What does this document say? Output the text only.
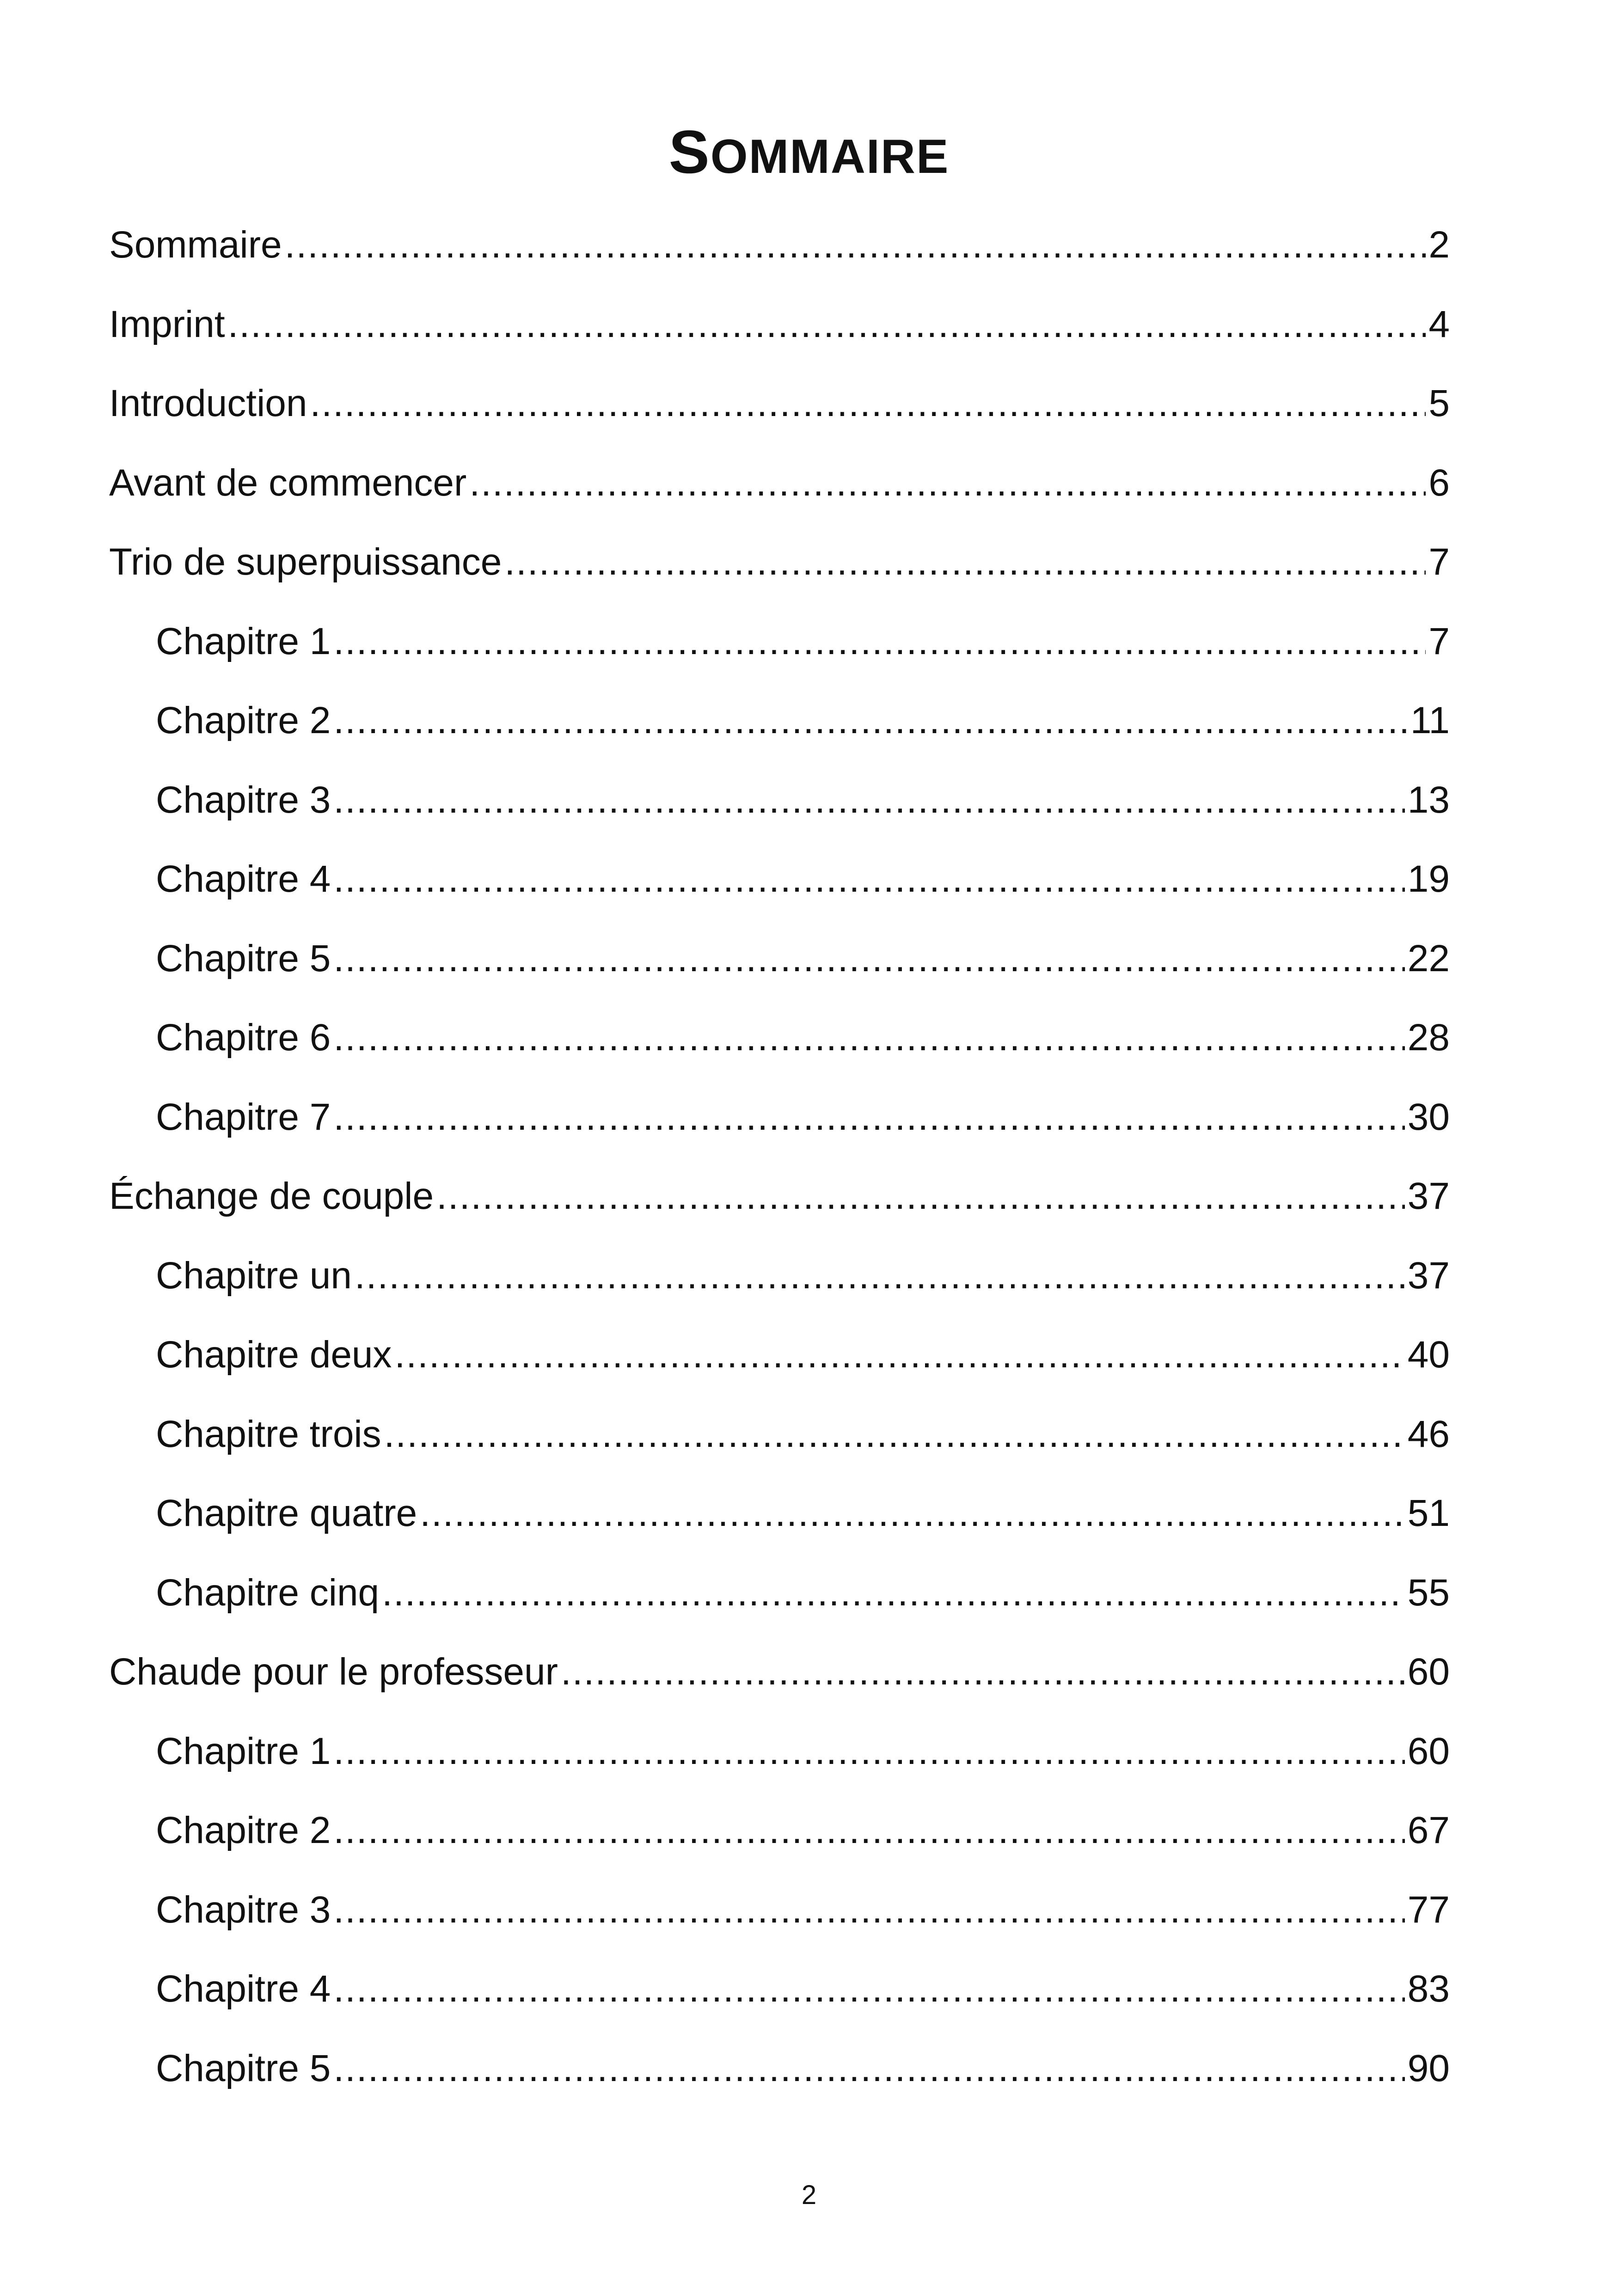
SOMMAIRE
Sommaire .....	2
Imprint .....	4
Introduction .....	5
Avant de commencer .....	6
Trio de superpuissance .....	7
Chapitre 1 .....	7
Chapitre 2 .....	11
Chapitre 3 .....	13
Chapitre 4 .....	19
Chapitre 5 .....	22
Chapitre 6 .....	28
Chapitre 7 .....	30
Échange de couple .....	37
Chapitre un .....	37
Chapitre deux .....	40
Chapitre trois .....	46
Chapitre quatre .....	51
Chapitre cinq .....	55
Chaude pour le professeur .....	60
Chapitre 1 .....	60
Chapitre 2 .....	67
Chapitre 3 .....	77
Chapitre 4 .....	83
Chapitre 5 .....	90
2
